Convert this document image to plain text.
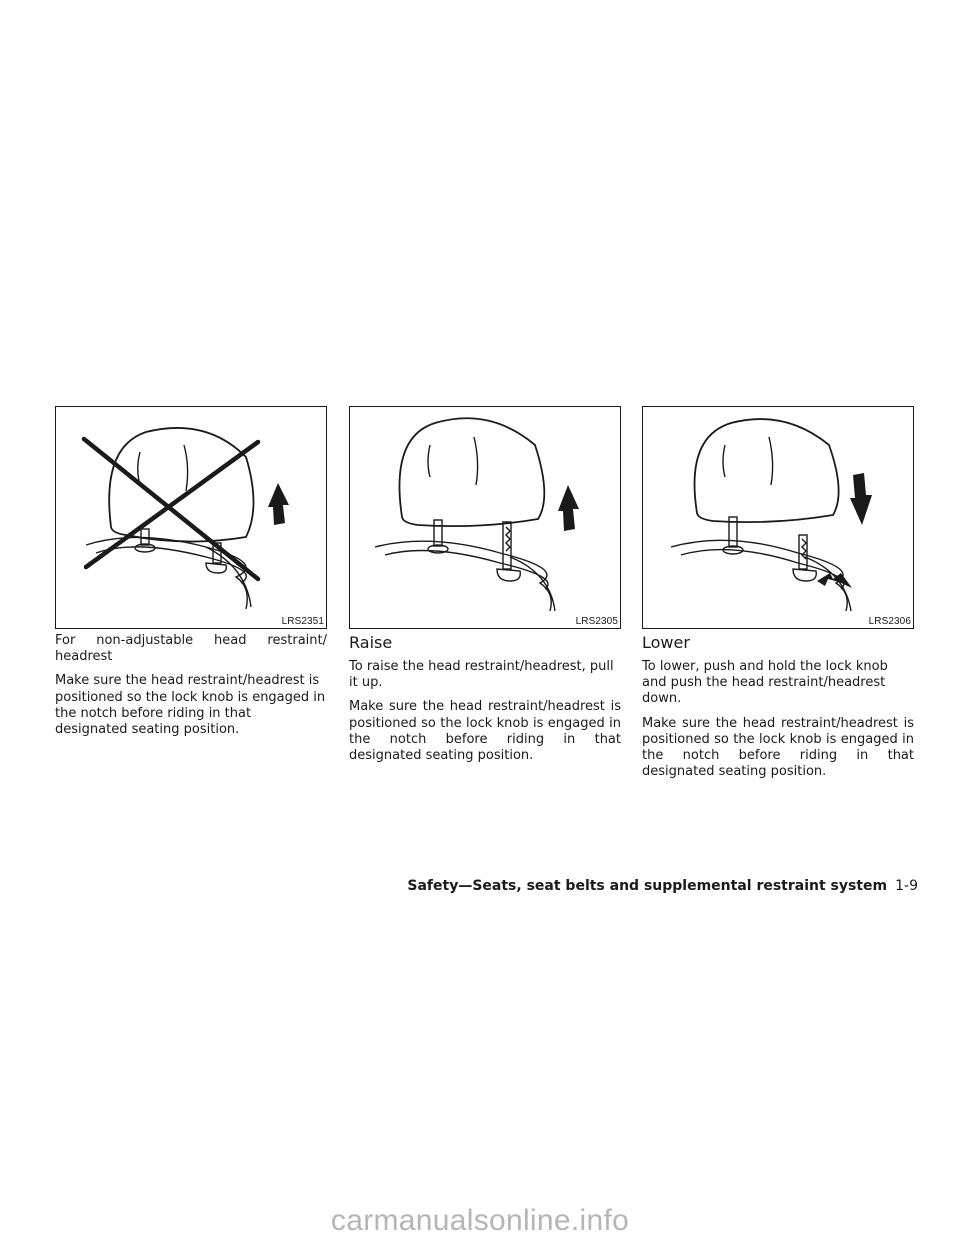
LRS2351

For non-adjustable head restraint/ headrest

Make sure the head restraint/headrest is positioned so the lock knob is engaged in the notch before riding in that designated seating position.

LRS2305
Raise

To raise the head restraint/headrest, pull it up.

Make sure the head restraint/headrest is positioned so the lock knob is engaged in the notch before riding in that designated seating position.

LRS2306
Lower

To lower, push and hold the lock knob and push the head restraint/headrest down.

Make sure the head restraint/headrest is positioned so the lock knob is engaged in the notch before riding in that designated seating position.

Safety—Seats, seat belts and supplemental restraint system 1-9
carmanualsonline.info
